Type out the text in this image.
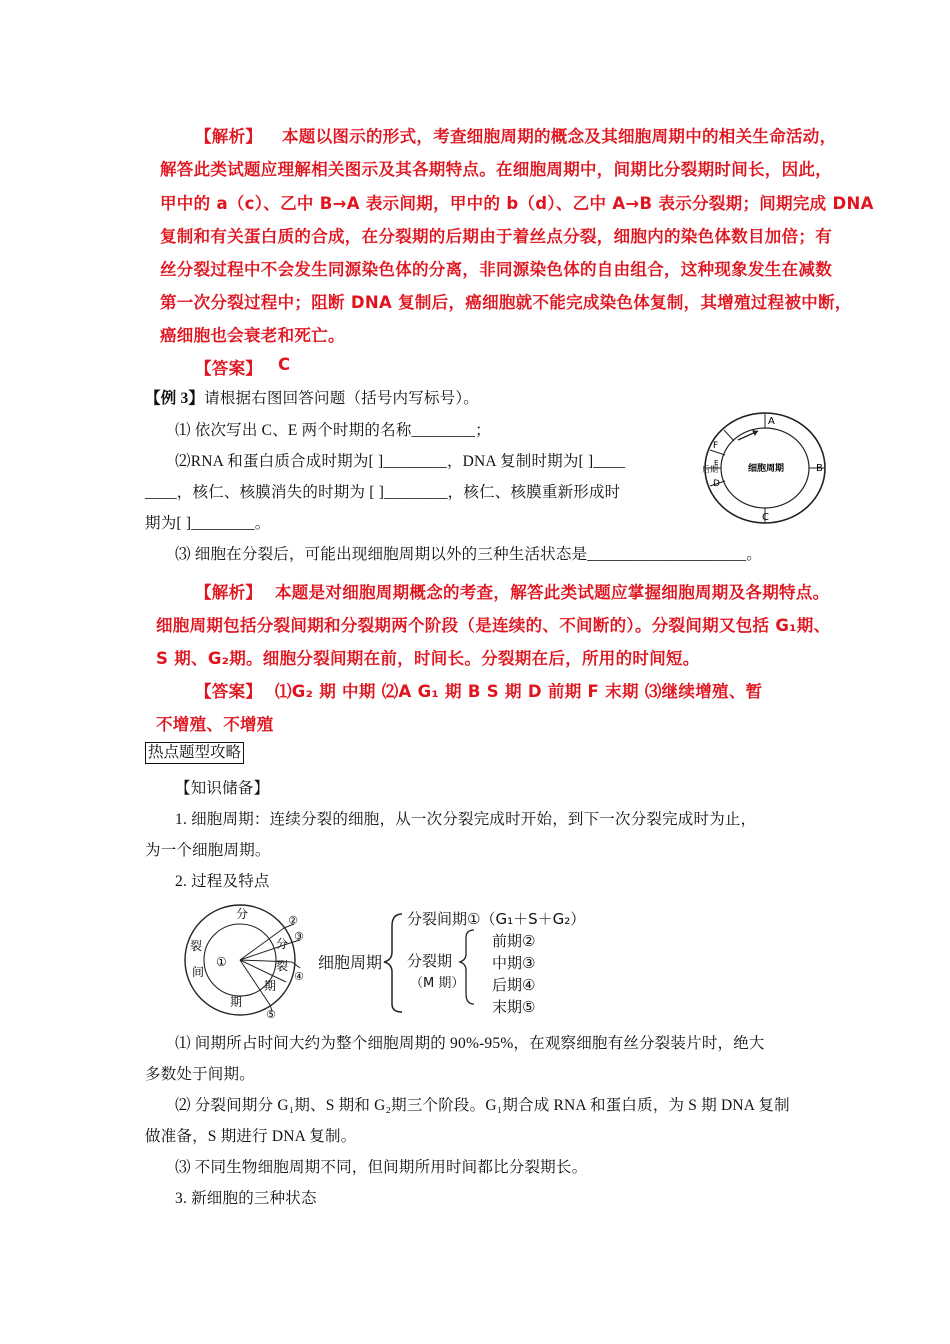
【解析】 本题以图示的形式，考查细胞周期的概念及其细胞周期中的相关生命活动，
解答此类试题应理解相关图示及其各期特点。在细胞周期中，间期比分裂期时间长，因此，
甲中的 a（c）、乙中 B→A 表示间期，甲中的 b（d）、乙中 A→B 表示分裂期；间期完成 DNA
复制和有关蛋白质的合成，在分裂期的后期由于着丝点分裂，细胞内的染色体数目加倍；有
丝分裂过程中不会发生同源染色体的分离，非同源染色体的自由组合，这种现象发生在减数
第一次分裂过程中；阻断 DNA 复制后，癌细胞就不能完成染色体复制，其增殖过程被中断，
癌细胞也会衰老和死亡。
【答案】 C
【例 3】请根据右图回答问题（括号内写标号）。
⑴ 依次写出 C、E 两个时期的名称________；
⑵RNA 和蛋白质合成时期为[ ]________，DNA 复制时期为[ ]____
____，核仁、核膜消失的时期为 [ ]________，核仁、核膜重新形成时
期为[ ]________。
⑶ 细胞在分裂后，可能出现细胞周期以外的三种生活状态是____________________。
A
B
C
D
F
E
后期	细胞周期
【解析】 本题是对细胞周期概念的考查，解答此类试题应掌握细胞周期及各期特点。
细胞周期包括分裂间期和分裂期两个阶段（是连续的、不间断的）。分裂间期又包括 G₁期、
S 期、G₂期。细胞分裂间期在前，时间长。分裂期在后，所用的时间短。
【答案】 ⑴G₂ 期 中期 ⑵A G₁ 期 B S 期 D 前期 F 末期 ⑶继续增殖、暂
不增殖、不增殖
热点题型攻略
【知识储备】
1. 细胞周期：连续分裂的细胞，从一次分裂完成时开始，到下一次分裂完成时为止，
为一个细胞周期。
2. 过程及特点
分
裂
间
期
分
裂
期
①
②
③
④
⑤
细胞周期
分裂间期①（G₁＋S＋G₂）
分裂期
（M 期）
前期②
中期③
后期④
末期⑤
⑴ 间期所占时间大约为整个细胞周期的 90%-95%，在观察细胞有丝分裂装片时，绝大
多数处于间期。
⑵ 分裂间期分 G₁期、S 期和 G₂期三个阶段。G₁期合成 RNA 和蛋白质，为 S 期 DNA 复制
做准备，S 期进行 DNA 复制。
⑶ 不同生物细胞周期不同，但间期所用时间都比分裂期长。
3. 新细胞的三种状态
